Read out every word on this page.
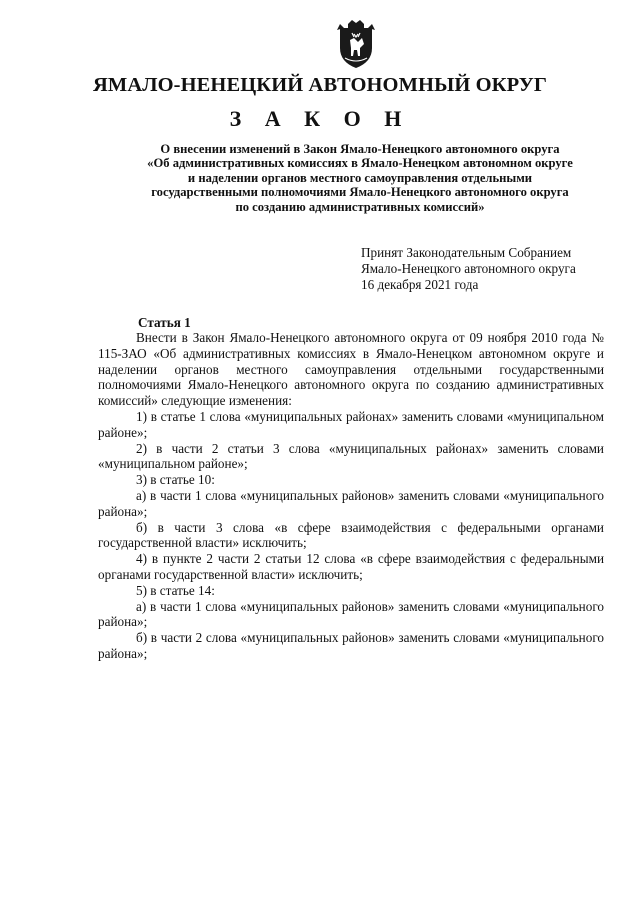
ЯМАЛО-НЕНЕЦКИЙ АВТОНОМНЫЙ ОКРУГ
З А К О Н
О внесении изменений в Закон Ямало-Ненецкого автономного округа
«Об административных комиссиях в Ямало-Ненецком автономном округе
и наделении органов местного самоуправления отдельными
государственными полномочиями Ямало-Ненецкого автономного округа
по созданию административных комиссий»
Принят Законодательным Собранием
Ямало-Ненецкого автономного округа
16 декабря 2021 года
Статья 1

Внести в Закон Ямало-Ненецкого автономного округа от 09 ноября 2010 года № 115-ЗАО «Об административных комиссиях в Ямало-Ненецком автономном округе и наделении органов местного самоуправления отдельными государственными полномочиями Ямало-Ненецкого автономного округа по созданию административных комиссий» следующие изменения:

1) в статье 1 слова «муниципальных районах» заменить словами «муниципальном районе»;

2) в части 2 статьи 3 слова «муниципальных районах» заменить словами «муниципальном районе»;

3) в статье 10:

а) в части 1 слова «муниципальных районов» заменить словами «муниципального района»;

б) в части 3 слова «в сфере взаимодействия с федеральными органами государственной власти» исключить;

4) в пункте 2 части 2 статьи 12 слова «в сфере взаимодействия с федеральными органами государственной власти» исключить;

5) в статье 14:

а) в части 1 слова «муниципальных районов» заменить словами «муниципального района»;

б) в части 2 слова «муниципальных районов» заменить словами «муниципального района»;
